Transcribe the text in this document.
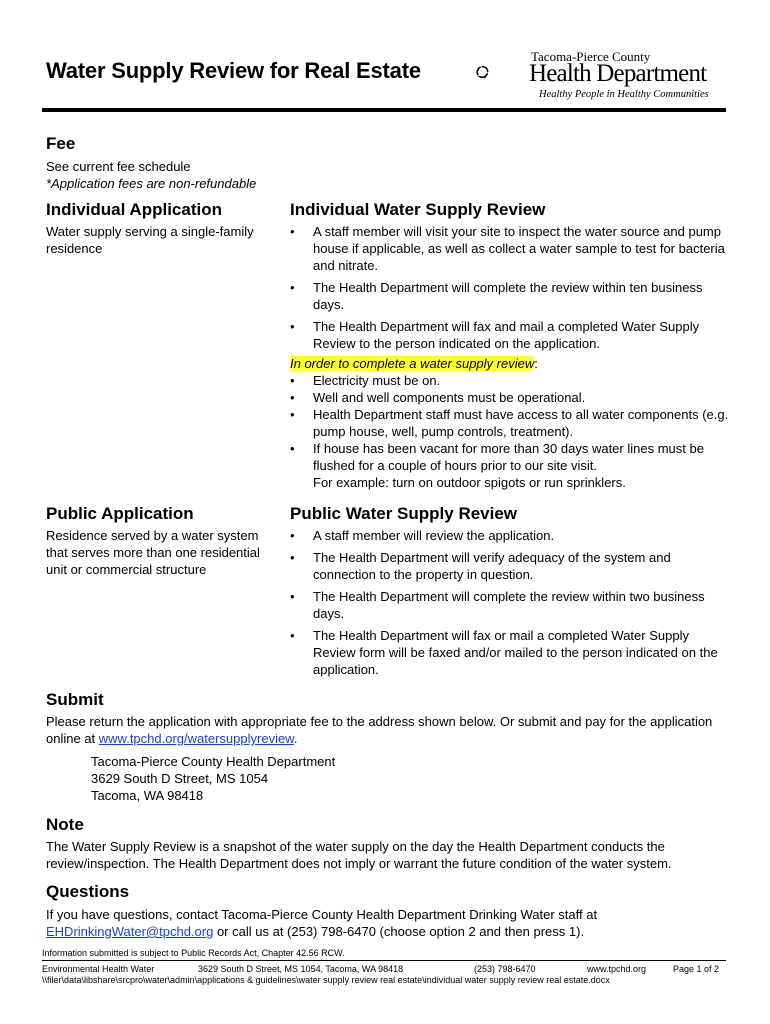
Water Supply Review for Real Estate
Tacoma-Pierce County
Health Department
Healthy People in Healthy Communities
Fee
See current fee schedule
*Application fees are non-refundable
Individual Application
Water supply serving a single-family residence
Individual Water Supply Review
• A staff member will visit your site to inspect the water source and pump house if applicable, as well as collect a water sample to test for bacteria and nitrate.
• The Health Department will complete the review within ten business days.
• The Health Department will fax and mail a completed Water Supply Review to the person indicated on the application.
In order to complete a water supply review:
• Electricity must be on.
• Well and well components must be operational.
• Health Department staff must have access to all water components (e.g. pump house, well, pump controls, treatment).
• If house has been vacant for more than 30 days water lines must be flushed for a couple of hours prior to our site visit.
For example: turn on outdoor spigots or run sprinklers.
Public Application
Residence served by a water system that serves more than one residential unit or commercial structure
Public Water Supply Review
• A staff member will review the application.
• The Health Department will verify adequacy of the system and connection to the property in question.
• The Health Department will complete the review within two business days.
• The Health Department will fax or mail a completed Water Supply Review form will be faxed and/or mailed to the person indicated on the application.
Submit
Please return the application with appropriate fee to the address shown below. Or submit and pay for the application online at www.tpchd.org/watersupplyreview.
Tacoma-Pierce County Health Department
3629 South D Street, MS 1054
Tacoma, WA 98418
Note
The Water Supply Review is a snapshot of the water supply on the day the Health Department conducts the review/inspection. The Health Department does not imply or warrant the future condition of the water system.
Questions
If you have questions, contact Tacoma-Pierce County Health Department Drinking Water staff at
EHDrinkingWater@tpchd.org or call us at (253) 798-6470 (choose option 2 and then press 1).
Information submitted is subject to Public Records Act, Chapter 42.56 RCW.
Environmental Health Water	3629 South D Street, MS 1054, Tacoma, WA 98418	(253) 798-6470	www.tpchd.org	Page 1 of 2
\\filer\data\libshare\srcpro\water\admin\applications & guidelines\water supply review real estate\individual water supply review real estate.docx
